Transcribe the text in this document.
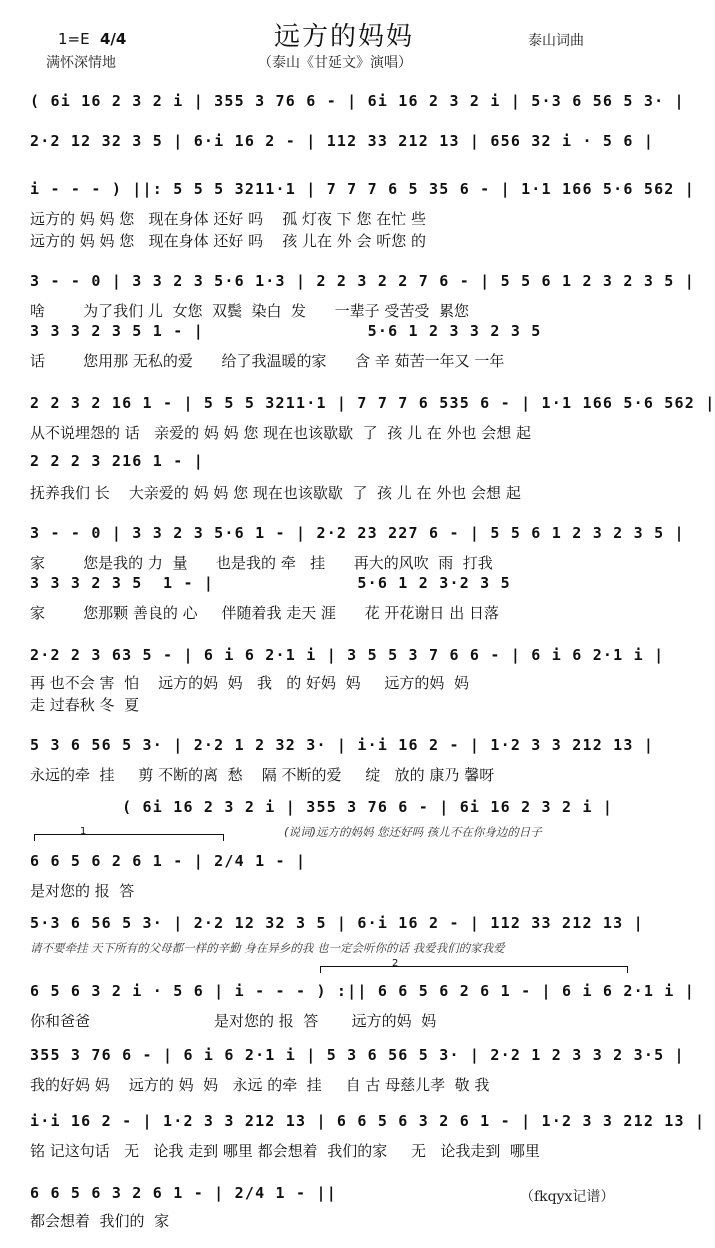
远方的妈妈
1=E 4/4
满怀深情地
泰山词曲
（泰山《甘延文》演唱）
( 6i 16 2 3 2 i | 355 3 76 6 - | 6i 16 2 3 2 i | 5·3 6 56 5 3· |
2·2 12 32 3 5 | 6·i 16 2 - | 112 33 212 13 | 656 32 i · 5 6 |
i - - - ) ||: 5 5 5 3211·1 | 7 7 7 6 5 35 6 - | 1·1 166 5·6 562 |
远方的 妈 妈 您   现在身体 还好 吗    孤 灯夜 下 您 在忙 些
远方的 妈 妈 您   现在身体 还好 吗    孩 儿在 外 会 听您 的
3 - - 0 | 3 3 2 3 5·6 1·3 | 2 2 3 2 2 7 6 - | 5 5 6 1 2 3 2 3 5 |
啥        为了我们 儿  女您  双鬓  染白  发      一辈子 受苦受  累您
3 3 3 2 3 5 1 - |                5·6 1 2 3 3 2 3 5
话        您用那 无私的爱      给了我温暖的家      含 辛 茹苦一年又 一年
2 2 3 2 16 1 - | 5 5 5 3211·1 | 7 7 7 6 535 6 - | 1·1 166 5·6 562 |
从不说埋怨的 话   亲爱的 妈 妈 您 现在也该歇歇  了  孩 儿 在 外也 会想 起
2 2 2 3 216 1 - |
抚养我们 长    大亲爱的 妈 妈 您 现在也该歇歇  了  孩 儿 在 外也 会想 起
3 - - 0 | 3 3 2 3 5·6 1 - | 2·2 23 227 6 - | 5 5 6 1 2 3 2 3 5 |
家        您是我的 力  量      也是我的 牵   挂      再大的风吹  雨  打我
3 3 3 2 3 5  1 - |              5·6 1 2 3·2 3 5
家        您那颗 善良的 心     伴随着我 走天 涯      花 开花谢日 出 日落
2·2 2 3 63 5 - | 6 i 6 2·1 i | 3 5 5 3 7 6 6 - | 6 i 6 2·1 i |
再 也不会 害  怕    远方的妈  妈   我   的 好妈  妈     远方的妈  妈
走 过春秋 冬  夏
5 3 6 56 5 3· | 2·2 1 2 32 3· | i·i 16 2 - | 1·2 3 3 212 13 |
永远的牵  挂     剪 不断的离  愁    隔 不断的爱     绽   放的 康乃 馨呀
( 6i 16 2 3 2 i | 355 3 76 6 - | 6i 16 2 3 2 i |
(说词)远方的妈妈 您还好吗 孩儿不在你身边的日子
1
6 6 5 6 2 6 1 - | 2/4 1 - |
是对您的 报  答
5·3 6 56 5 3· | 2·2 12 32 3 5 | 6·i 16 2 - | 112 33 212 13 |
请不要牵挂 天下所有的父母都一样的辛勤 身在异乡的我 也一定会听你的话 我爱我们的家我爱
2
6 5 6 3 2 i · 5 6 | i - - - ) :|| 6 6 5 6 2 6 1 - | 6 i 6 2·1 i |
你和爸爸                          是对您的 报  答       远方的妈  妈
355 3 76 6 - | 6 i 6 2·1 i | 5 3 6 56 5 3· | 2·2 1 2 3 3 2 3·5 |
我的好妈 妈    远方的 妈  妈   永远 的牵  挂     自 古 母慈儿孝  敬 我
i·i 16 2 - | 1·2 3 3 212 13 | 6 6 5 6 3 2 6 1 - | 1·2 3 3 212 13 |
铭 记这句话   无   论我 走到 哪里 都会想着  我们的家     无   论我走到  哪里
6 6 5 6 3 2 6 1 - | 2/4 1 - ||
都会想着  我们的  家
（fkqyx记谱）
